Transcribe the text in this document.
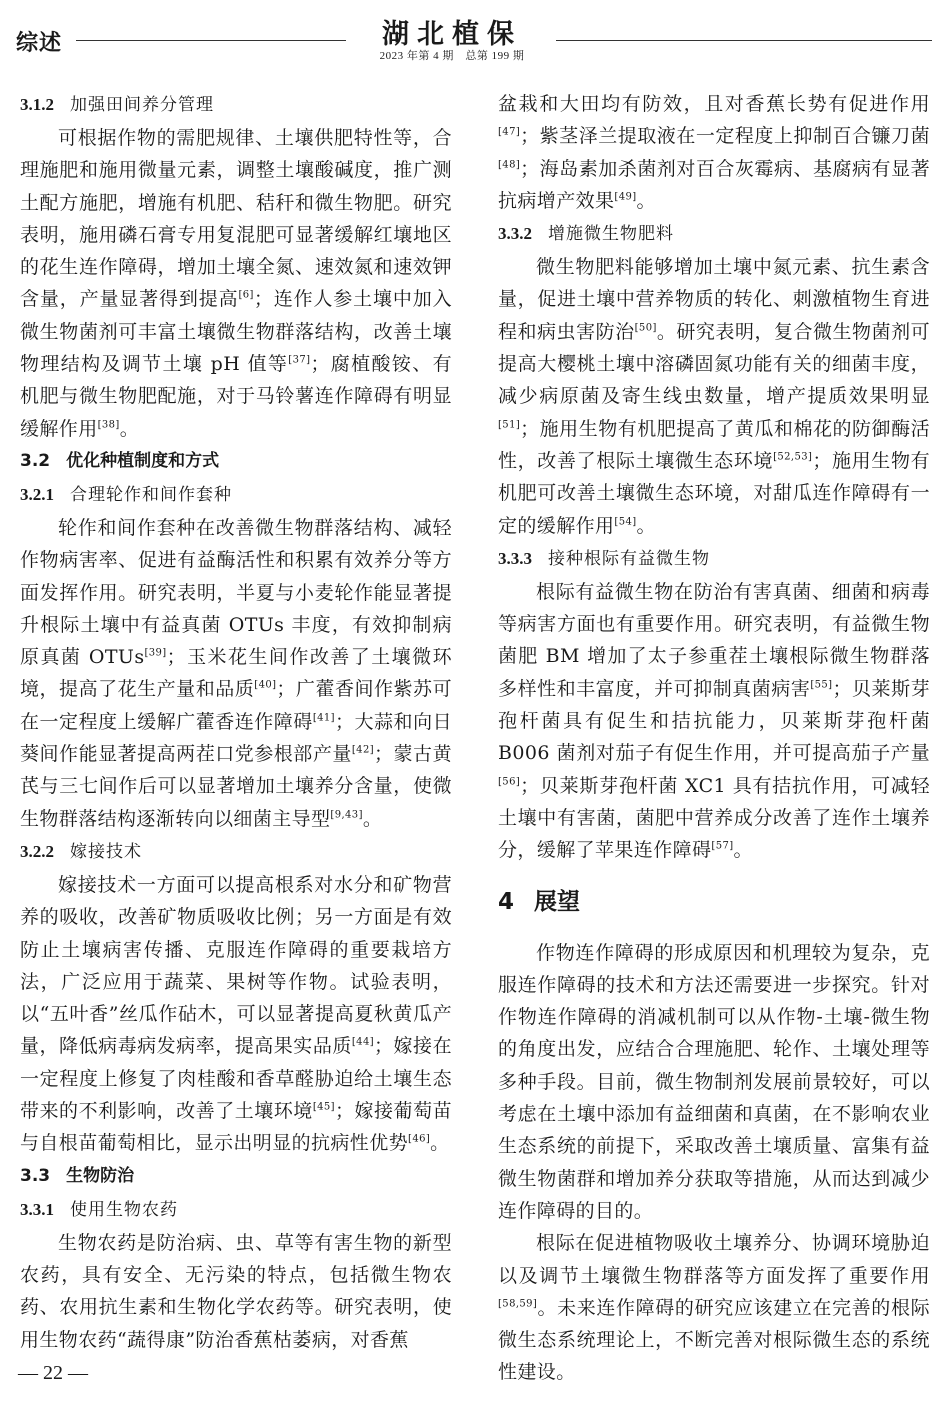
综述	湖北植保
2023 年第 4 期　总第 199 期

3.1.2 加强田间养分管理

可根据作物的需肥规律、土壤供肥特性等，合理施肥和施用微量元素，调整土壤酸碱度，推广测土配方施肥，增施有机肥、秸秆和微生物肥。研究表明，施用磷石膏专用复混肥可显著缓解红壤地区的花生连作障碍，增加土壤全氮、速效氮和速效钾含量，产量显著得到提高[6]；连作人参土壤中加入微生物菌剂可丰富土壤微生物群落结构，改善土壤物理结构及调节土壤 pH 值等[37]；腐植酸铵、有机肥与微生物肥配施，对于马铃薯连作障碍有明显缓解作用[38]。

3.2 优化种植制度和方式

3.2.1 合理轮作和间作套种

轮作和间作套种在改善微生物群落结构、减轻作物病害率、促进有益酶活性和积累有效养分等方面发挥作用。研究表明，半夏与小麦轮作能显著提升根际土壤中有益真菌 OTUs 丰度，有效抑制病原真菌 OTUs[39]；玉米花生间作改善了土壤微环境，提高了花生产量和品质[40]；广藿香间作紫苏可在一定程度上缓解广藿香连作障碍[41]；大蒜和向日葵间作能显著提高两茬口党参根部产量[42]；蒙古黄芪与三七间作后可以显著增加土壤养分含量，使微生物群落结构逐渐转向以细菌主导型[9,43]。

3.2.2 嫁接技术

嫁接技术一方面可以提高根系对水分和矿物营养的吸收，改善矿物质吸收比例；另一方面是有效防止土壤病害传播、克服连作障碍的重要栽培方法，广泛应用于蔬菜、果树等作物。试验表明，以“五叶香”丝瓜作砧木，可以显著提高夏秋黄瓜产量，降低病毒病发病率，提高果实品质[44]；嫁接在一定程度上修复了肉桂酸和香草醛胁迫给土壤生态带来的不利影响，改善了土壤环境[45]；嫁接葡萄苗与自根苗葡萄相比，显示出明显的抗病性优势[46]。

3.3 生物防治

3.3.1 使用生物农药

生物农药是防治病、虫、草等有害生物的新型农药，具有安全、无污染的特点，包括微生物农药、农用抗生素和生物化学农药等。研究表明，使用生物农药“蔬得康”防治香蕉枯萎病，对香蕉

盆栽和大田均有防效，且对香蕉长势有促进作用[47]；紫茎泽兰提取液在一定程度上抑制百合镰刀菌[48]；海岛素加杀菌剂对百合灰霉病、基腐病有显著抗病增产效果[49]。

3.3.2 增施微生物肥料

微生物肥料能够增加土壤中氮元素、抗生素含量，促进土壤中营养物质的转化、刺激植物生育进程和病虫害防治[50]。研究表明，复合微生物菌剂可提高大樱桃土壤中溶磷固氮功能有关的细菌丰度，减少病原菌及寄生线虫数量，增产提质效果明显[51]；施用生物有机肥提高了黄瓜和棉花的防御酶活性，改善了根际土壤微生态环境[52,53]；施用生物有机肥可改善土壤微生态环境，对甜瓜连作障碍有一定的缓解作用[54]。

3.3.3 接种根际有益微生物

根际有益微生物在防治有害真菌、细菌和病毒等病害方面也有重要作用。研究表明，有益微生物菌肥 BM 增加了太子参重茬土壤根际微生物群落多样性和丰富度，并可抑制真菌病害[55]；贝莱斯芽孢杆菌具有促生和拮抗能力，贝莱斯芽孢杆菌 B006 菌剂对茄子有促生作用，并可提高茄子产量[56]；贝莱斯芽孢杆菌 XC1 具有拮抗作用，可减轻土壤中有害菌，菌肥中营养成分改善了连作土壤养分，缓解了苹果连作障碍[57]。

4 展望

作物连作障碍的形成原因和机理较为复杂，克服连作障碍的技术和方法还需要进一步探究。针对作物连作障碍的消减机制可以从作物-土壤-微生物的角度出发，应结合合理施肥、轮作、土壤处理等多种手段。目前，微生物制剂发展前景较好，可以考虑在土壤中添加有益细菌和真菌，在不影响农业生态系统的前提下，采取改善土壤质量、富集有益微生物菌群和增加养分获取等措施，从而达到减少连作障碍的目的。

根际在促进植物吸收土壤养分、协调环境胁迫以及调节土壤微生物群落等方面发挥了重要作用[58,59]。未来连作障碍的研究应该建立在完善的根际微生态系统理论上，不断完善对根际微生态的系统性建设。

— 22 —
